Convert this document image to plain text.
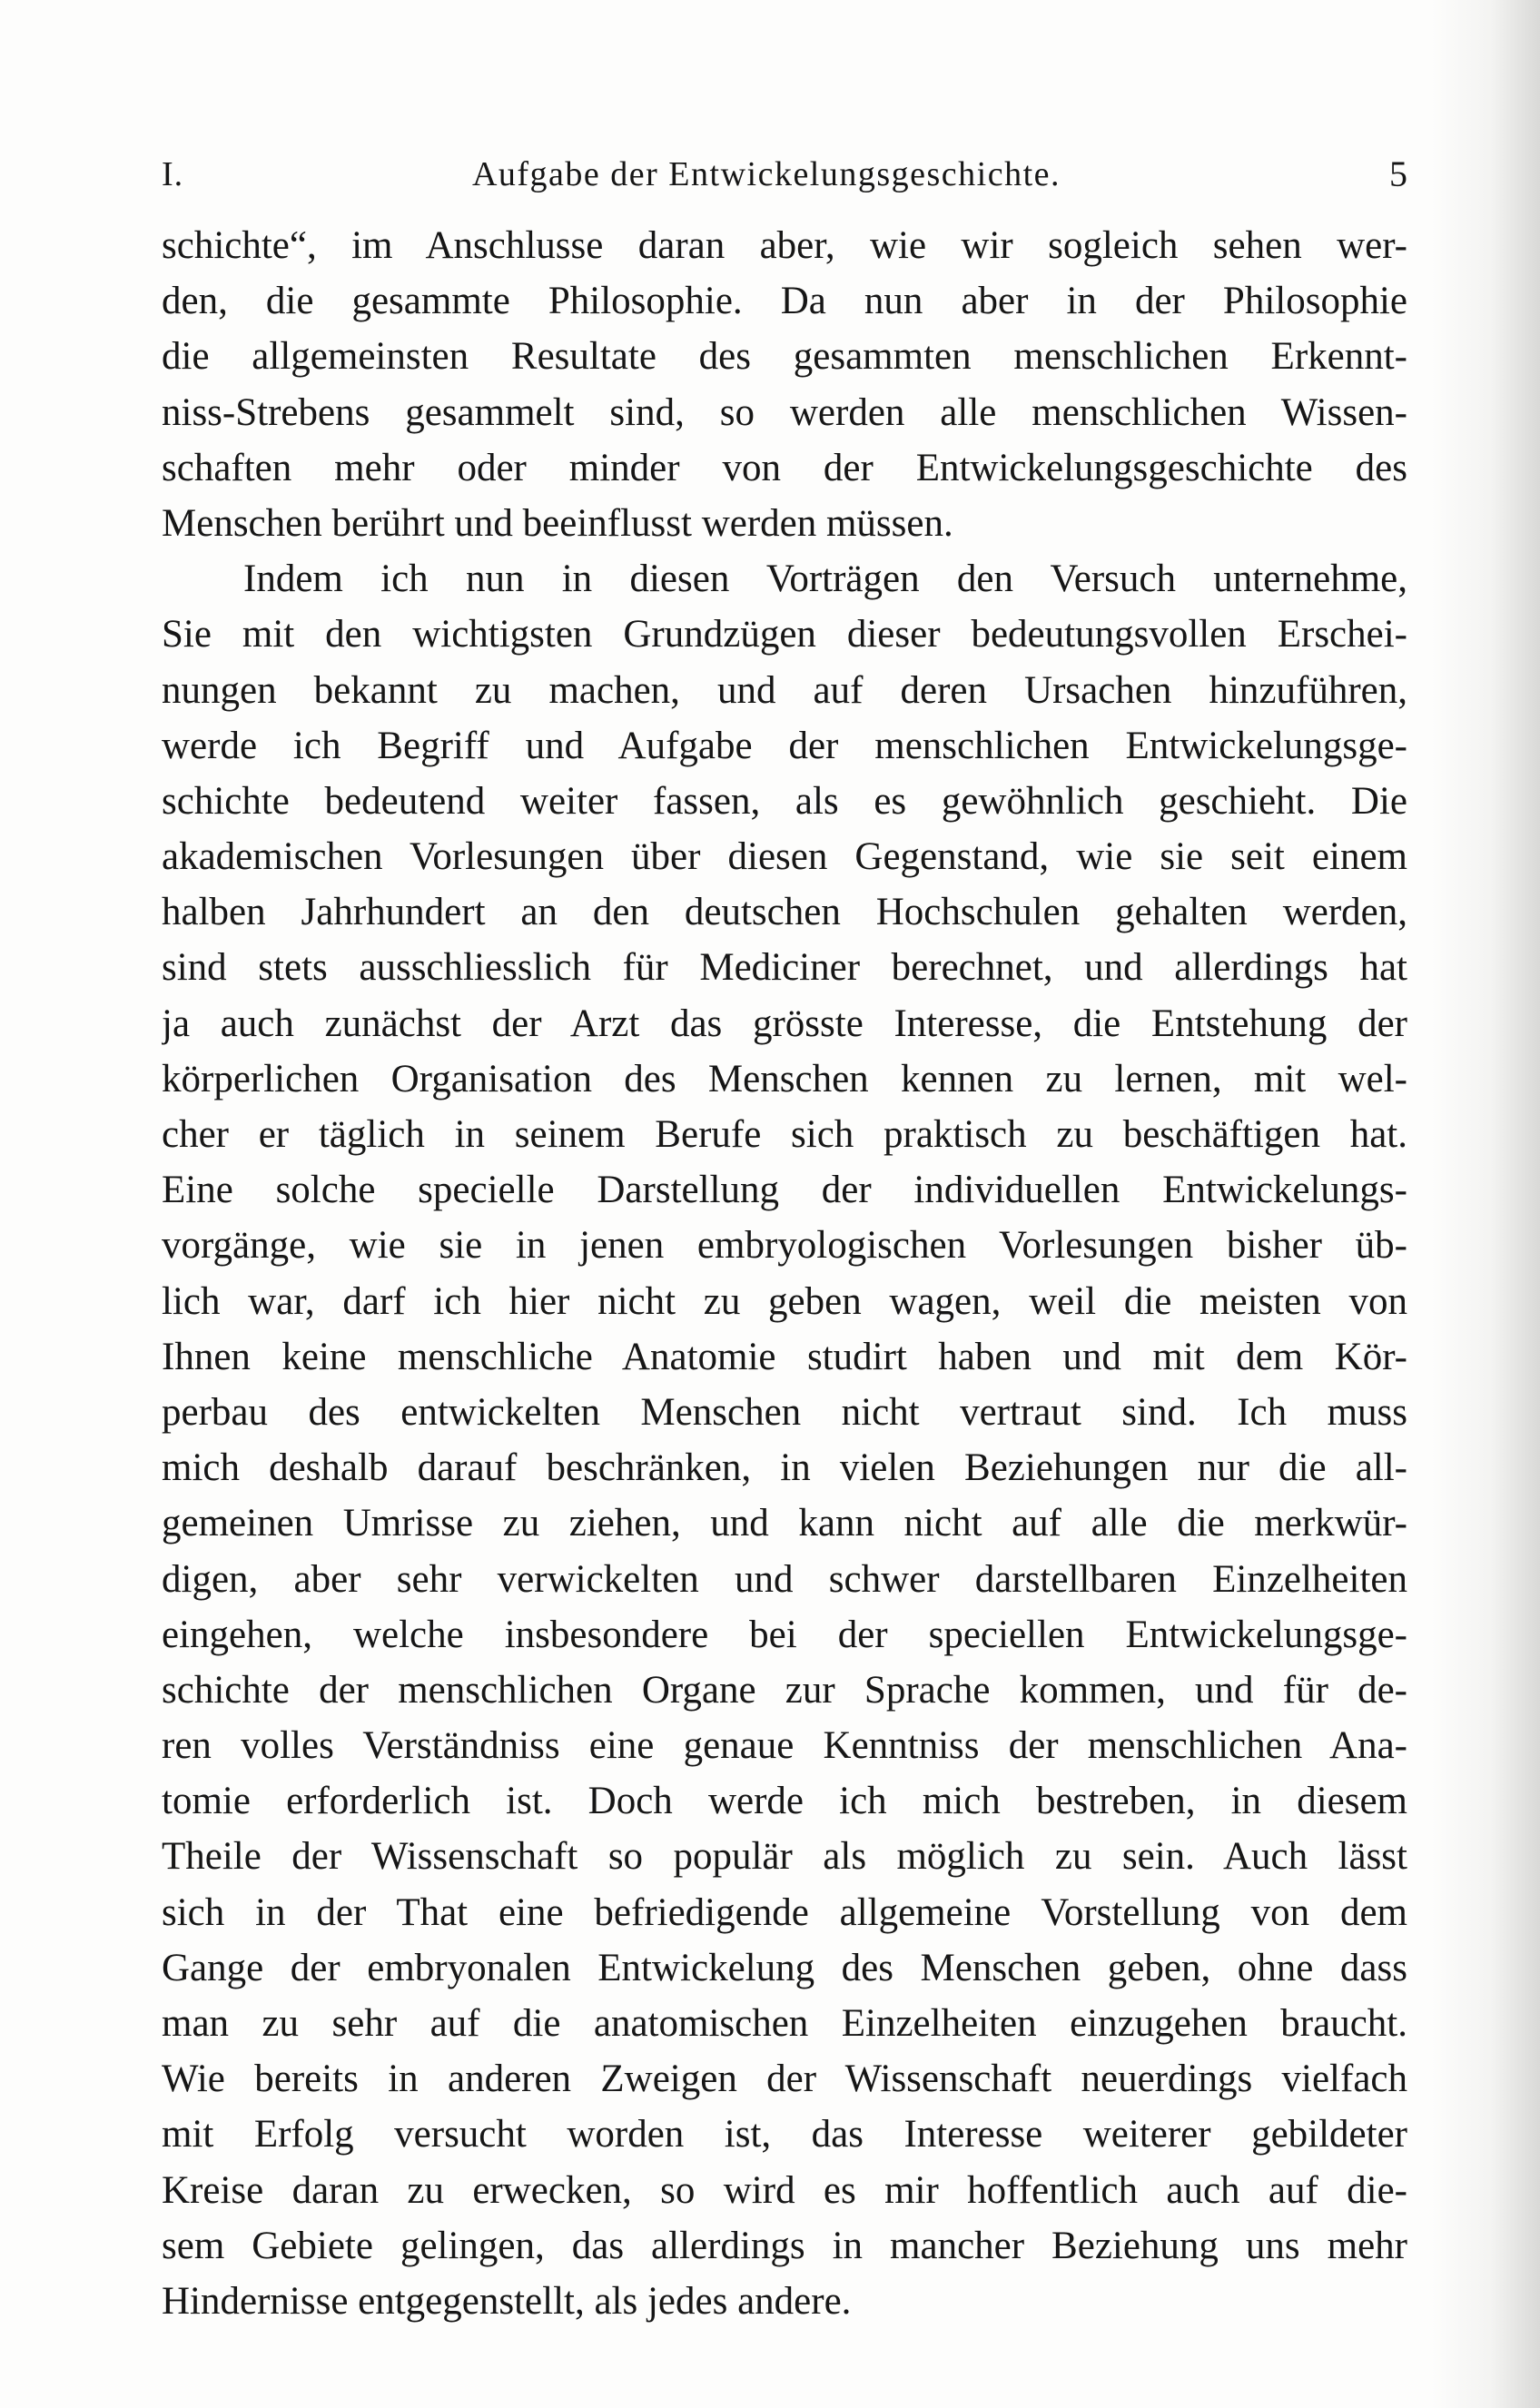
I.	Aufgabe der Entwickelungsgeschichte.	5
schichte“, im Anschlusse daran aber, wie wir sogleich sehen wer-
den, die gesammte Philosophie. Da nun aber in der Philosophie
die allgemeinsten Resultate des gesammten menschlichen Erkennt-
niss-Strebens gesammelt sind, so werden alle menschlichen Wissen-
schaften mehr oder minder von der Entwickelungsgeschichte des
Menschen berührt und beeinflusst werden müssen.
Indem ich nun in diesen Vorträgen den Versuch unternehme,
Sie mit den wichtigsten Grundzügen dieser bedeutungsvollen Erschei-
nungen bekannt zu machen, und auf deren Ursachen hinzuführen,
werde ich Begriff und Aufgabe der menschlichen Entwickelungsge-
schichte bedeutend weiter fassen, als es gewöhnlich geschieht. Die
akademischen Vorlesungen über diesen Gegenstand, wie sie seit einem
halben Jahrhundert an den deutschen Hochschulen gehalten werden,
sind stets ausschliesslich für Mediciner berechnet, und allerdings hat
ja auch zunächst der Arzt das grösste Interesse, die Entstehung der
körperlichen Organisation des Menschen kennen zu lernen, mit wel-
cher er täglich in seinem Berufe sich praktisch zu beschäftigen hat.
Eine solche specielle Darstellung der individuellen Entwickelungs-
vorgänge, wie sie in jenen embryologischen Vorlesungen bisher üb-
lich war, darf ich hier nicht zu geben wagen, weil die meisten von
Ihnen keine menschliche Anatomie studirt haben und mit dem Kör-
perbau des entwickelten Menschen nicht vertraut sind. Ich muss
mich deshalb darauf beschränken, in vielen Beziehungen nur die all-
gemeinen Umrisse zu ziehen, und kann nicht auf alle die merkwür-
digen, aber sehr verwickelten und schwer darstellbaren Einzelheiten
eingehen, welche insbesondere bei der speciellen Entwickelungsge-
schichte der menschlichen Organe zur Sprache kommen, und für de-
ren volles Verständniss eine genaue Kenntniss der menschlichen Ana-
tomie erforderlich ist. Doch werde ich mich bestreben, in diesem
Theile der Wissenschaft so populär als möglich zu sein. Auch lässt
sich in der That eine befriedigende allgemeine Vorstellung von dem
Gange der embryonalen Entwickelung des Menschen geben, ohne dass
man zu sehr auf die anatomischen Einzelheiten einzugehen braucht.
Wie bereits in anderen Zweigen der Wissenschaft neuerdings vielfach
mit Erfolg versucht worden ist, das Interesse weiterer gebildeter
Kreise daran zu erwecken, so wird es mir hoffentlich auch auf die-
sem Gebiete gelingen, das allerdings in mancher Beziehung uns mehr
Hindernisse entgegenstellt, als jedes andere.
